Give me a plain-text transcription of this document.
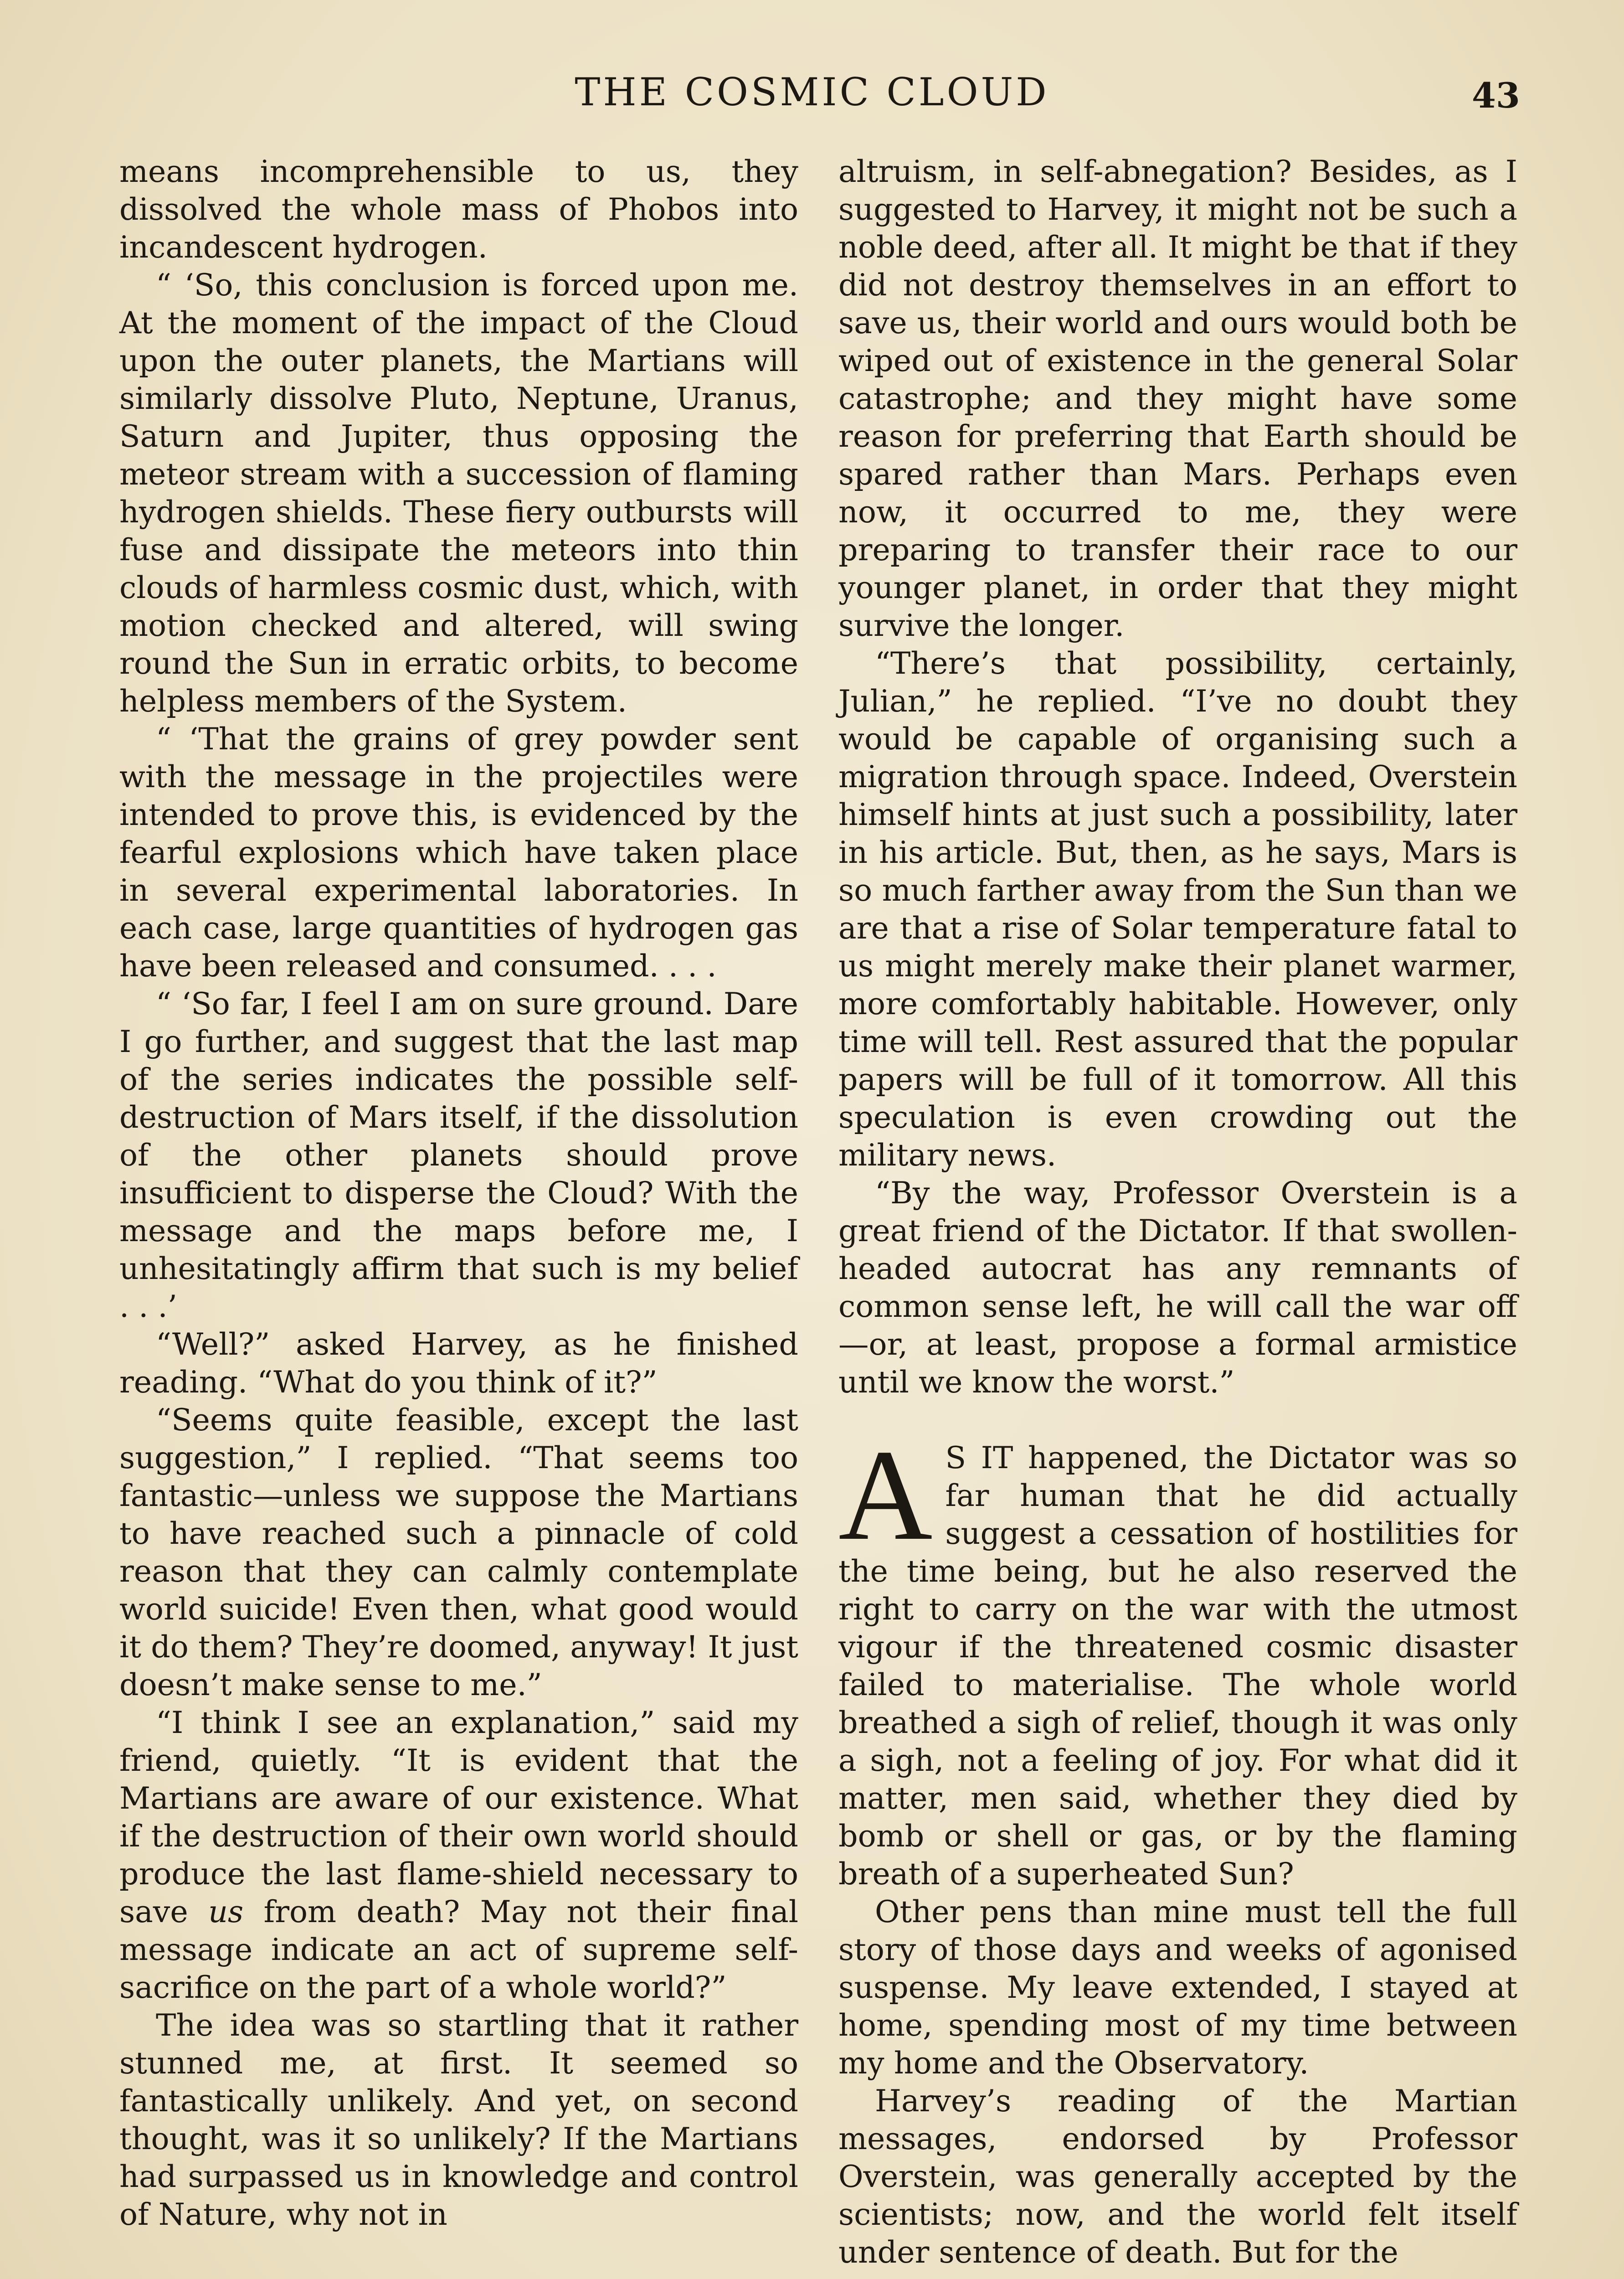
THE COSMIC CLOUD	43

means incomprehensible to us, they dissolved the whole mass of Phobos into incandescent hydrogen.

“ ‘So, this conclusion is forced upon me. At the moment of the impact of the Cloud upon the outer planets, the Martians will similarly dissolve Pluto, Neptune, Uranus, Saturn and Jupiter, thus opposing the meteor stream with a succession of flaming hydrogen shields. These fiery outbursts will fuse and dissipate the meteors into thin clouds of harmless cosmic dust, which, with motion checked and altered, will swing round the Sun in erratic orbits, to become helpless members of the System.

“ ‘That the grains of grey powder sent with the message in the projectiles were intended to prove this, is evidenced by the fearful explosions which have taken place in several experimental laboratories. In each case, large quantities of hydrogen gas have been released and consumed. . . .

“ ‘So far, I feel I am on sure ground. Dare I go further, and suggest that the last map of the series indicates the possible self-destruction of Mars itself, if the dissolution of the other planets should prove insufficient to disperse the Cloud? With the message and the maps before me, I unhesitatingly affirm that such is my belief . . .’

“Well?” asked Harvey, as he finished reading. “What do you think of it?”

“Seems quite feasible, except the last suggestion,” I replied. “That seems too fantastic—unless we suppose the Martians to have reached such a pinnacle of cold reason that they can calmly contemplate world suicide! Even then, what good would it do them? They’re doomed, anyway! It just doesn’t make sense to me.”

“I think I see an explanation,” said my friend, quietly. “It is evident that the Martians are aware of our existence. What if the destruction of their own world should produce the last flame-shield necessary to save us from death? May not their final message indicate an act of supreme self-sacrifice on the part of a whole world?”

The idea was so startling that it rather stunned me, at first. It seemed so fantastically unlikely. And yet, on second thought, was it so unlikely? If the Martians had surpassed us in knowledge and control of Nature, why not in

altruism, in self-abnegation? Besides, as I suggested to Harvey, it might not be such a noble deed, after all. It might be that if they did not destroy themselves in an effort to save us, their world and ours would both be wiped out of existence in the general Solar catastrophe; and they might have some reason for preferring that Earth should be spared rather than Mars. Perhaps even now, it occurred to me, they were preparing to transfer their race to our younger planet, in order that they might survive the longer.

“There’s that possibility, certainly, Julian,” he replied. “I’ve no doubt they would be capable of organising such a migration through space. Indeed, Overstein himself hints at just such a possibility, later in his article. But, then, as he says, Mars is so much farther away from the Sun than we are that a rise of Solar temperature fatal to us might merely make their planet warmer, more comfortably habitable. However, only time will tell. Rest assured that the popular papers will be full of it tomorrow. All this speculation is even crowding out the military news.

“By the way, Professor Overstein is a great friend of the Dictator. If that swollen-headed autocrat has any remnants of common sense left, he will call the war off—or, at least, propose a formal armistice until we know the worst.”

A S IT happened, the Dictator was so far human that he did actually suggest a cessation of hostilities for the time being, but he also reserved the right to carry on the war with the utmost vigour if the threatened cosmic disaster failed to materialise. The whole world breathed a sigh of relief, though it was only a sigh, not a feeling of joy. For what did it matter, men said, whether they died by bomb or shell or gas, or by the flaming breath of a superheated Sun?

Other pens than mine must tell the full story of those days and weeks of agonised suspense. My leave extended, I stayed at home, spending most of my time between my home and the Observatory.

Harvey’s reading of the Martian messages, endorsed by Professor Overstein, was generally accepted by the scientists; now, and the world felt itself under sentence of death. But for the
